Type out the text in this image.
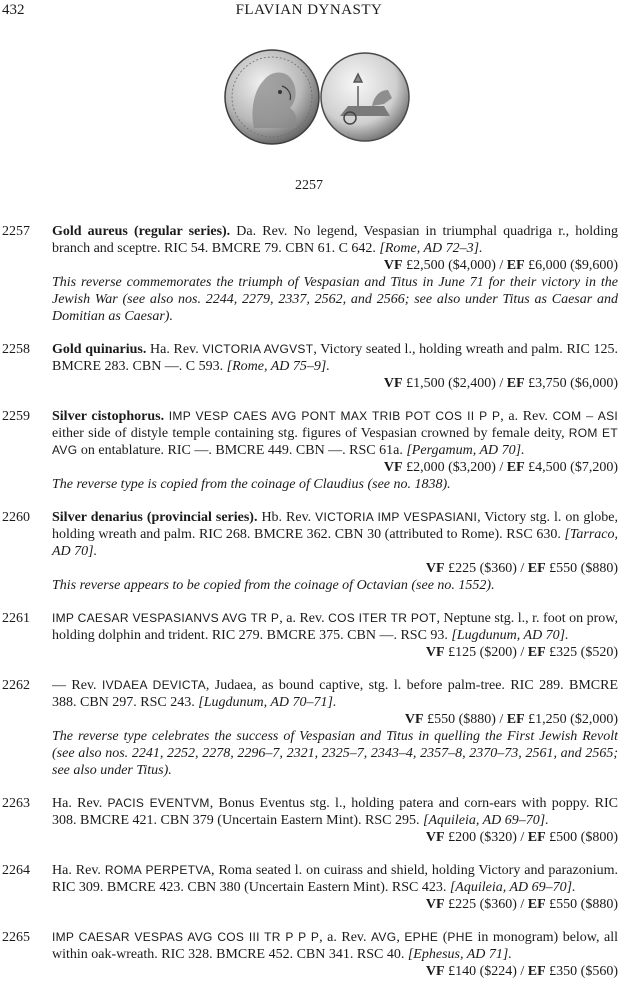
432	FLAVIAN DYNASTY
2257
2257 Gold aureus (regular series). Da. Rev. No legend, Vespasian in triumphal quadriga r., holding branch and sceptre. RIC 54. BMCRE 79. CBN 61. C 642. [Rome, AD 72–3].
VF £2,500 ($4,000) / EF £6,000 ($9,600)
This reverse commemorates the triumph of Vespasian and Titus in June 71 for their victory in the Jewish War (see also nos. 2244, 2279, 2337, 2562, and 2566; see also under Titus as Caesar and Domitian as Caesar).
2258 Gold quinarius. Ha. Rev. VICTORIA AVGVST, Victory seated l., holding wreath and palm. RIC 125. BMCRE 283. CBN —. C 593. [Rome, AD 75–9].
VF £1,500 ($2,400) / EF £3,750 ($6,000)
2259 Silver cistophorus. IMP VESP CAES AVG PONT MAX TRIB POT COS II P P, a. Rev. COM – ASI either side of distyle temple containing stg. figures of Vespasian crowned by female deity, ROM ET AVG on entablature. RIC —. BMCRE 449. CBN —. RSC 61a. [Pergamum, AD 70].
VF £2,000 ($3,200) / EF £4,500 ($7,200)
The reverse type is copied from the coinage of Claudius (see no. 1838).
2260 Silver denarius (provincial series). Hb. Rev. VICTORIA IMP VESPASIANI, Victory stg. l. on globe, holding wreath and palm. RIC 268. BMCRE 362. CBN 30 (attributed to Rome). RSC 630. [Tarraco, AD 70].
VF £225 ($360) / EF £550 ($880)
This reverse appears to be copied from the coinage of Octavian (see no. 1552).
2261 IMP CAESAR VESPASIANVS AVG TR P, a. Rev. COS ITER TR POT, Neptune stg. l., r. foot on prow, holding dolphin and trident. RIC 279. BMCRE 375. CBN —. RSC 93. [Lugdunum, AD 70].
VF £125 ($200) / EF £325 ($520)
2262 — Rev. IVDAEA DEVICTA, Judaea, as bound captive, stg. l. before palm-tree. RIC 289. BMCRE 388. CBN 297. RSC 243. [Lugdunum, AD 70–71].
VF £550 ($880) / EF £1,250 ($2,000)
The reverse type celebrates the success of Vespasian and Titus in quelling the First Jewish Revolt (see also nos. 2241, 2252, 2278, 2296–7, 2321, 2325–7, 2343–4, 2357–8, 2370–73, 2561, and 2565; see also under Titus).
2263 Ha. Rev. PACIS EVENTVM, Bonus Eventus stg. l., holding patera and corn-ears with poppy. RIC 308. BMCRE 421. CBN 379 (Uncertain Eastern Mint). RSC 295. [Aquileia, AD 69–70].
VF £200 ($320) / EF £500 ($800)
2264 Ha. Rev. ROMA PERPETVA, Roma seated l. on cuirass and shield, holding Victory and parazonium. RIC 309. BMCRE 423. CBN 380 (Uncertain Eastern Mint). RSC 423. [Aquileia, AD 69–70].
VF £225 ($360) / EF £550 ($880)
2265 IMP CAESAR VESPAS AVG COS III TR P P P, a. Rev. AVG, EPHE (PHE in monogram) below, all within oak-wreath. RIC 328. BMCRE 452. CBN 341. RSC 40. [Ephesus, AD 71].
VF £140 ($224) / EF £350 ($560)
